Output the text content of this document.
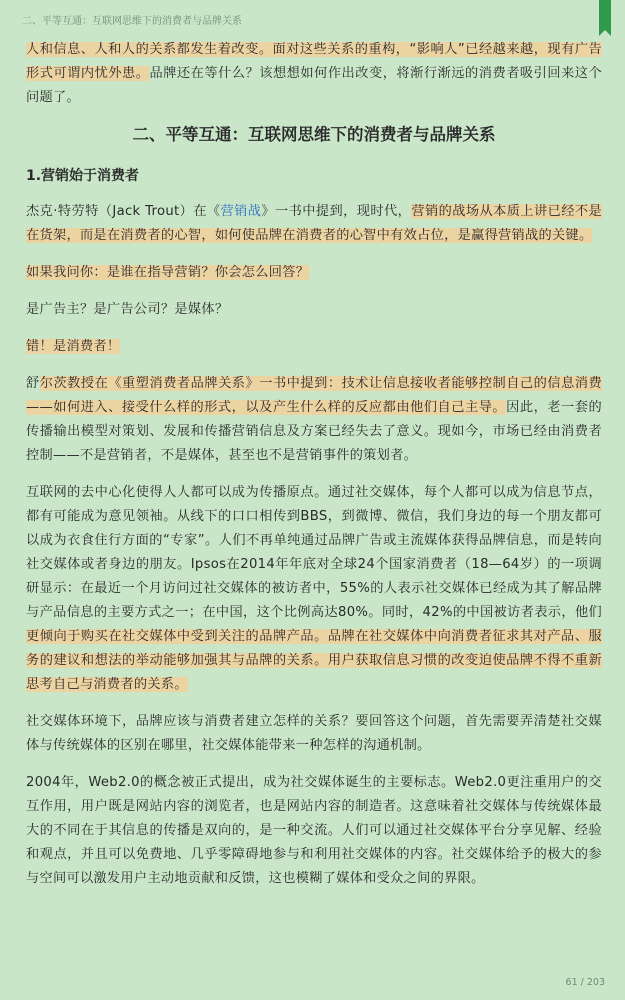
二、平等互通：互联网思维下的消费者与品牌关系

人和信息、人和人的关系都发生着改变。面对这些关系的重构，“影响人”已经越来越，现有广告形式可谓内忧外患。品牌还在等什么？该想想如何作出改变，将渐行渐远的消费者吸引回来这个问题了。

二、平等互通：互联网思维下的消费者与品牌关系
1.营销始于消费者

杰克·特劳特（Jack Trout）在《营销战》一书中提到，现时代，营销的战场从本质上讲已经不是在货架，而是在消费者的心智，如何使品牌在消费者的心智中有效占位，是赢得营销战的关键。

如果我问你：是谁在指导营销？你会怎么回答？

是广告主？是广告公司？是媒体？

错！是消费者！

舒尔茨教授在《重塑消费者品牌关系》一书中提到：技术让信息接收者能够控制自己的信息消费——如何进入、接受什么样的形式，以及产生什么样的反应都由他们自己主导。因此，老一套的传播输出模型对策划、发展和传播营销信息及方案已经失去了意义。现如今，市场已经由消费者控制——不是营销者，不是媒体，甚至也不是营销事件的策划者。

互联网的去中心化使得人人都可以成为传播原点。通过社交媒体，每个人都可以成为信息节点，都有可能成为意见领袖。从线下的口口相传到BBS，到微博、微信，我们身边的每一个朋友都可以成为衣食住行方面的“专家”。人们不再单纯通过品牌广告或主流媒体获得品牌信息，而是转向社交媒体或者身边的朋友。Ipsos在2014年年底对全球24个国家消费者（18—64岁）的一项调研显示：在最近一个月访问过社交媒体的被访者中，55%的人表示社交媒体已经成为其了解品牌与产品信息的主要方式之一；在中国，这个比例高达80%。同时，42%的中国被访者表示，他们更倾向于购买在社交媒体中受到关注的品牌产品。品牌在社交媒体中向消费者征求其对产品、服务的建议和想法的举动能够加强其与品牌的关系。用户获取信息习惯的改变迫使品牌不得不重新思考自己与消费者的关系。

社交媒体环境下，品牌应该与消费者建立怎样的关系？要回答这个问题，首先需要弄清楚社交媒体与传统媒体的区别在哪里，社交媒体能带来一种怎样的沟通机制。

2004年，Web2.0的概念被正式提出，成为社交媒体诞生的主要标志。Web2.0更注重用户的交互作用，用户既是网站内容的浏览者，也是网站内容的制造者。这意味着社交媒体与传统媒体最大的不同在于其信息的传播是双向的，是一种交流。人们可以通过社交媒体平台分享见解、经验和观点，并且可以免费地、几乎零障碍地参与和利用社交媒体的内容。社交媒体给予的极大的参与空间可以激发用户主动地贡献和反馈，这也模糊了媒体和受众之间的界限。

61 / 203
